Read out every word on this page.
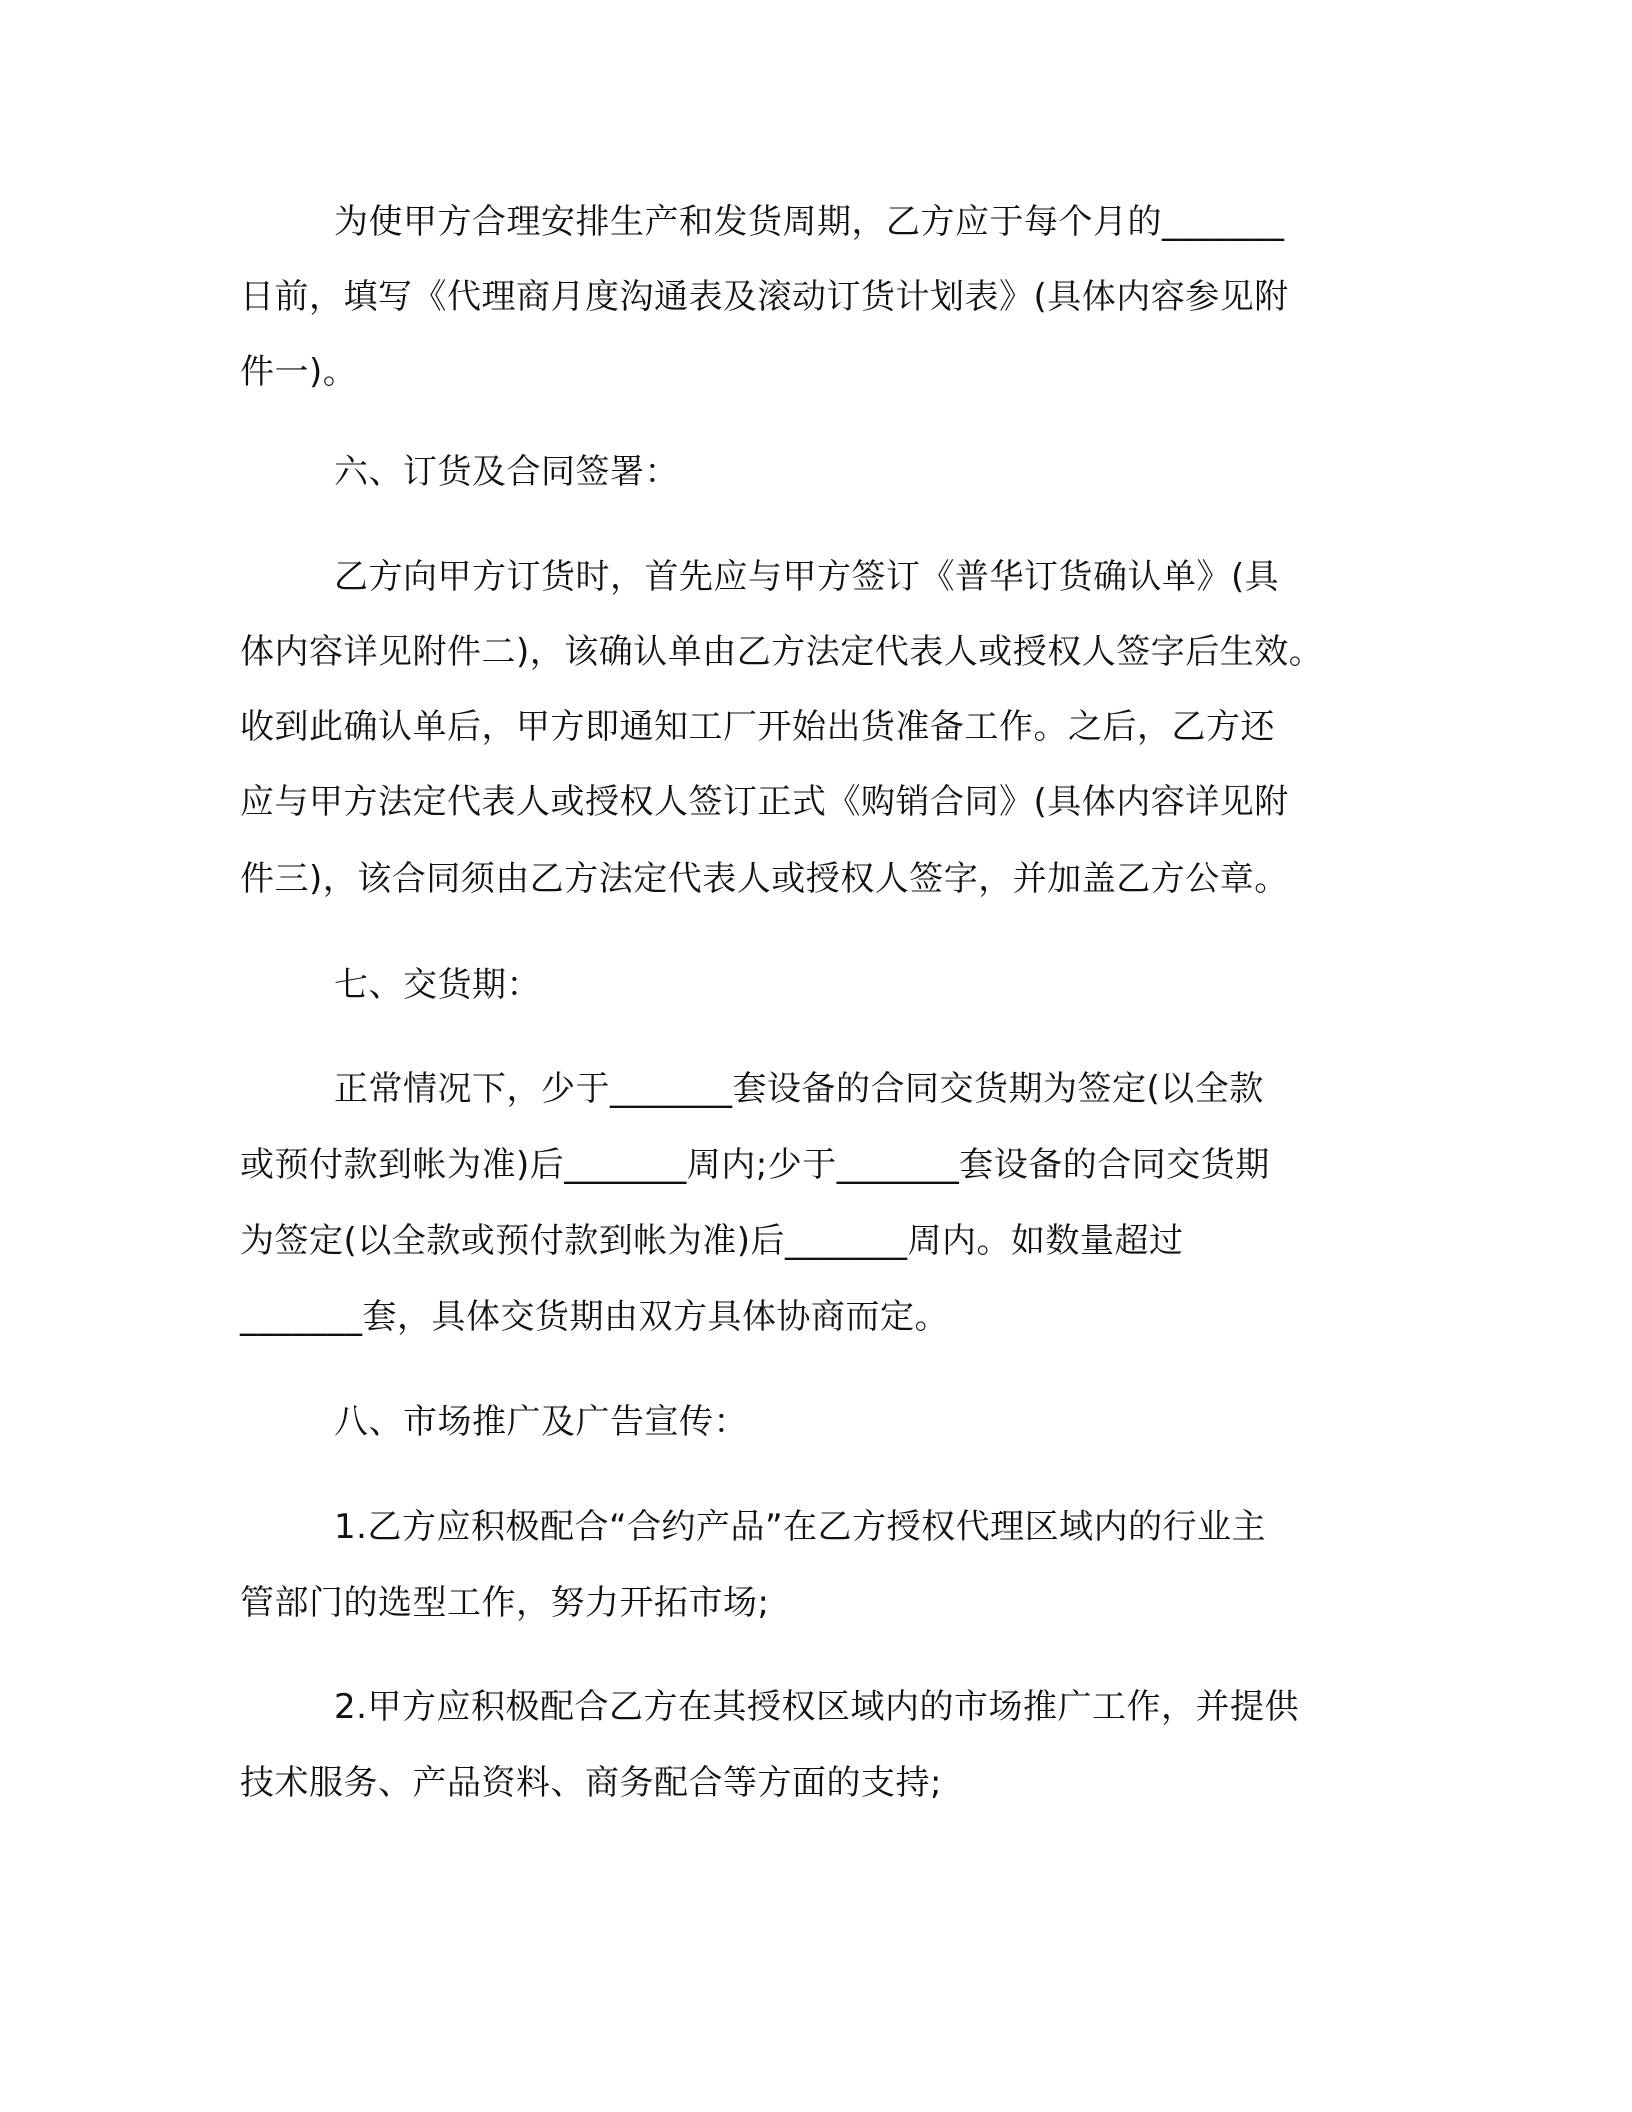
为使甲方合理安排生产和发货周期，乙方应于每个月的_______
日前，填写《代理商月度沟通表及滚动订货计划表》(具体内容参见附
件一)。
六、订货及合同签署：
乙方向甲方订货时，首先应与甲方签订《普华订货确认单》(具
体内容详见附件二)，该确认单由乙方法定代表人或授权人签字后生效。
收到此确认单后，甲方即通知工厂开始出货准备工作。之后，乙方还
应与甲方法定代表人或授权人签订正式《购销合同》(具体内容详见附
件三)，该合同须由乙方法定代表人或授权人签字，并加盖乙方公章。
七、交货期：
正常情况下，少于_______套设备的合同交货期为签定(以全款
或预付款到帐为准)后_______周内;少于_______套设备的合同交货期
为签定(以全款或预付款到帐为准)后_______周内。如数量超过
_______套，具体交货期由双方具体协商而定。
八、市场推广及广告宣传：
1.乙方应积极配合“合约产品”在乙方授权代理区域内的行业主
管部门的选型工作，努力开拓市场;
2.甲方应积极配合乙方在其授权区域内的市场推广工作，并提供
技术服务、产品资料、商务配合等方面的支持;
